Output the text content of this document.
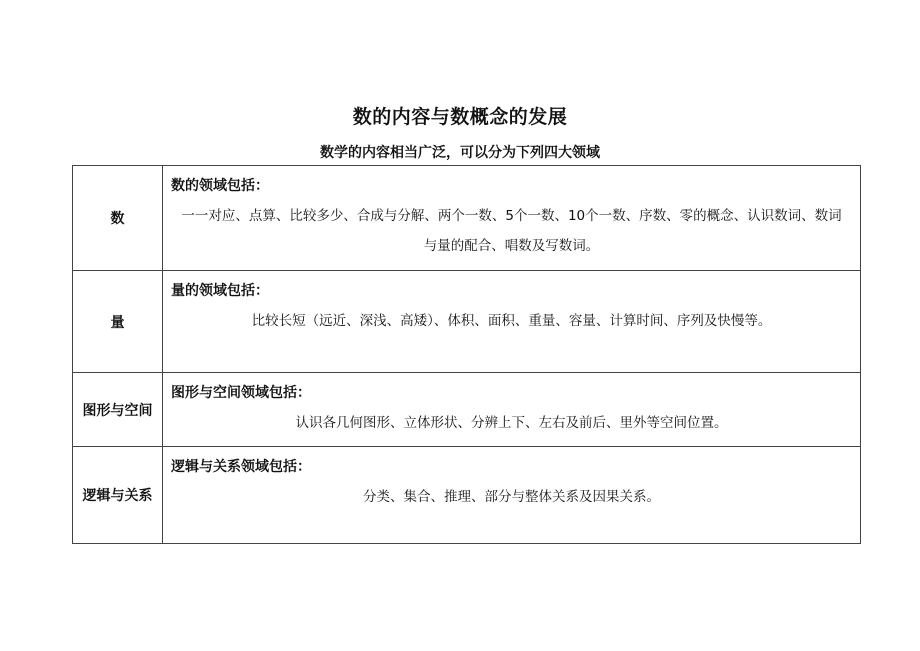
数的内容与数概念的发展
数学的内容相当广泛，可以分为下列四大领域
数	数的领域包括：
一一对应、点算、比较多少、合成与分解、两个一数、5个一数、10个一数、序数、零的概念、认识数词、数词与量的配合、唱数及写数词。

量	量的领域包括：
比较长短（远近、深浅、高矮）、体积、面积、重量、容量、计算时间、序列及快慢等。

图形与空间	图形与空间领域包括：
认识各几何图形、立体形状、分辨上下、左右及前后、里外等空间位置。

逻辑与关系	逻辑与关系领域包括：
分类、集合、推理、部分与整体关系及因果关系。
